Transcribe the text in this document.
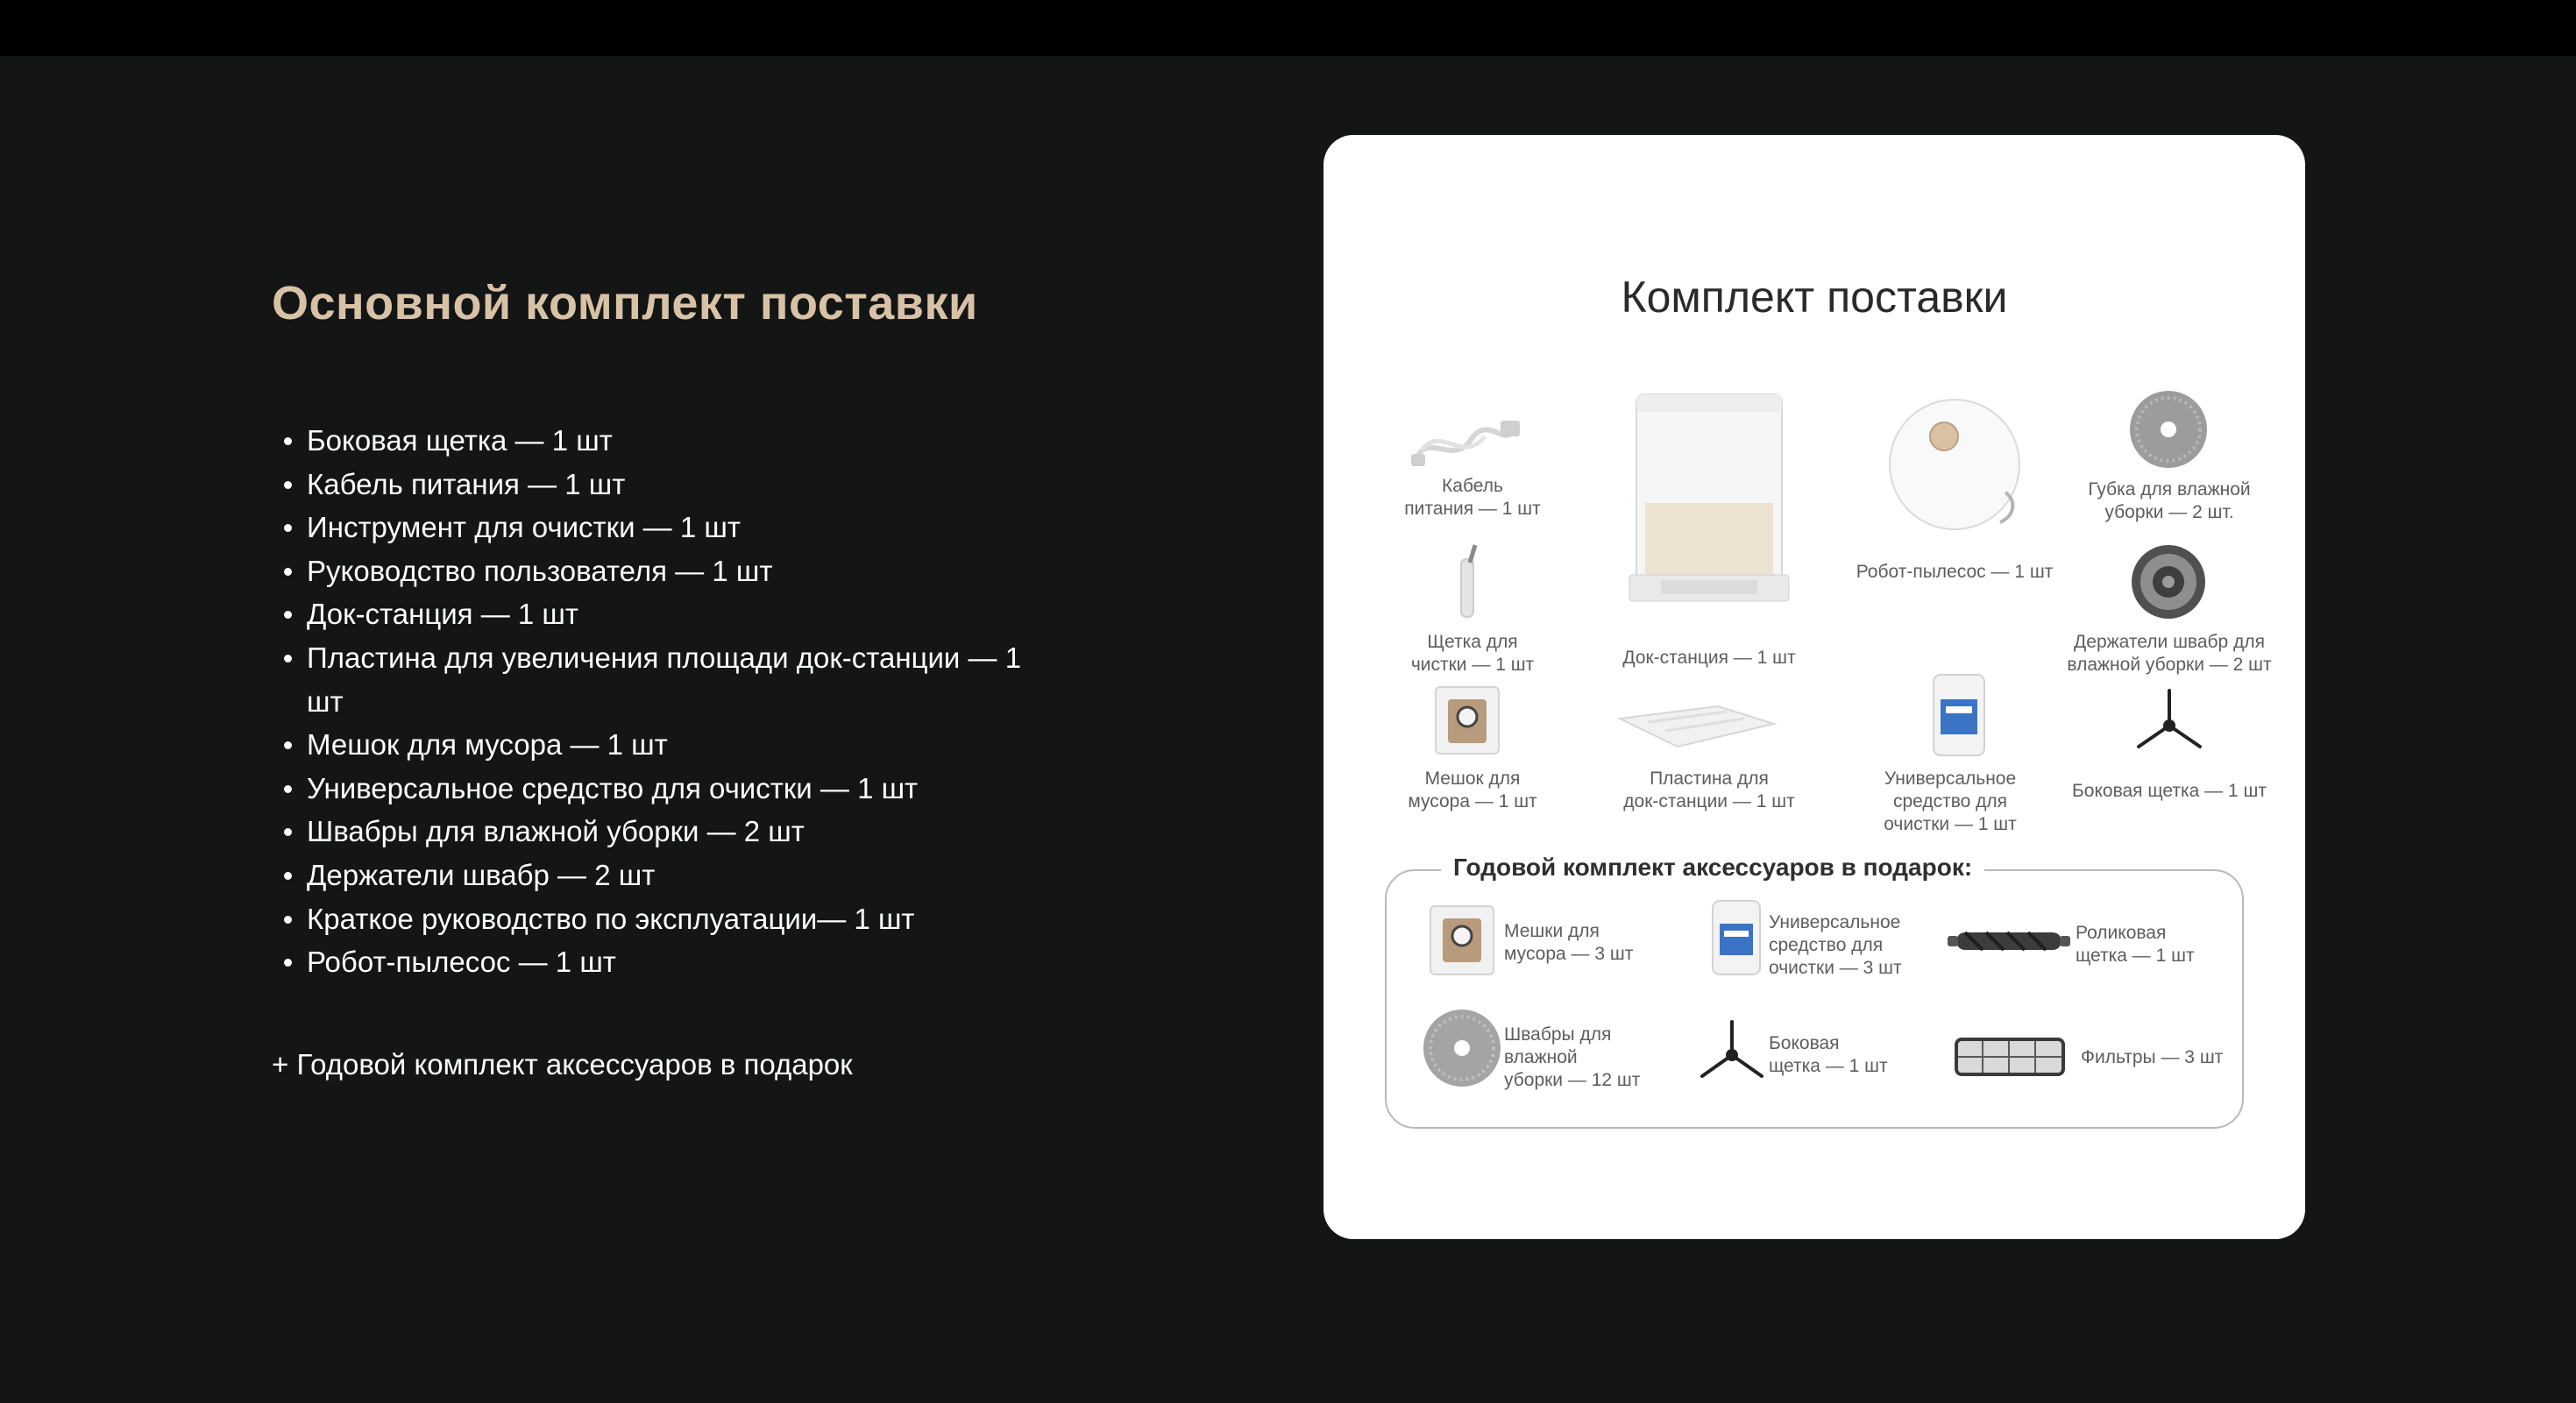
Основной комплект поставки
Боковая щетка — 1 шт
Кабель питания — 1 шт
Инструмент для очистки — 1 шт
Руководство пользователя — 1 шт
Док-станция — 1 шт
Пластина для увеличения площади док-станции — 1 шт
Мешок для мусора — 1 шт
Универсальное средство для очистки — 1 шт
Швабры для влажной уборки — 2 шт
Держатели швабр — 2 шт
Краткое руководство по эксплуатации— 1 шт
Робот-пылесос — 1 шт

+ Годовой комплект аксессуаров в подарок

Комплект поставки
Кабель
питания — 1 шт
Щетка для
чистки — 1 шт
Мешок для
мусора — 1 шт
Док-станция — 1 шт
Пластина для
док-станции — 1 шт
Робот-пылесос — 1 шт
Универсальное
средство для
очистки — 1 шт
Губка для влажной
уборки — 2 шт.
Держатели швабр для
влажной уборки — 2 шт
Боковая щетка — 1 шт
Годовой комплект аксессуаров в подарок:
Мешки для
мусора — 3 шт
Универсальное
средство для
очистки — 3 шт
Роликовая
щетка — 1 шт
Швабры для
влажной
уборки — 12 шт
Боковая
щетка — 1 шт	Фильтры — 3 шт
